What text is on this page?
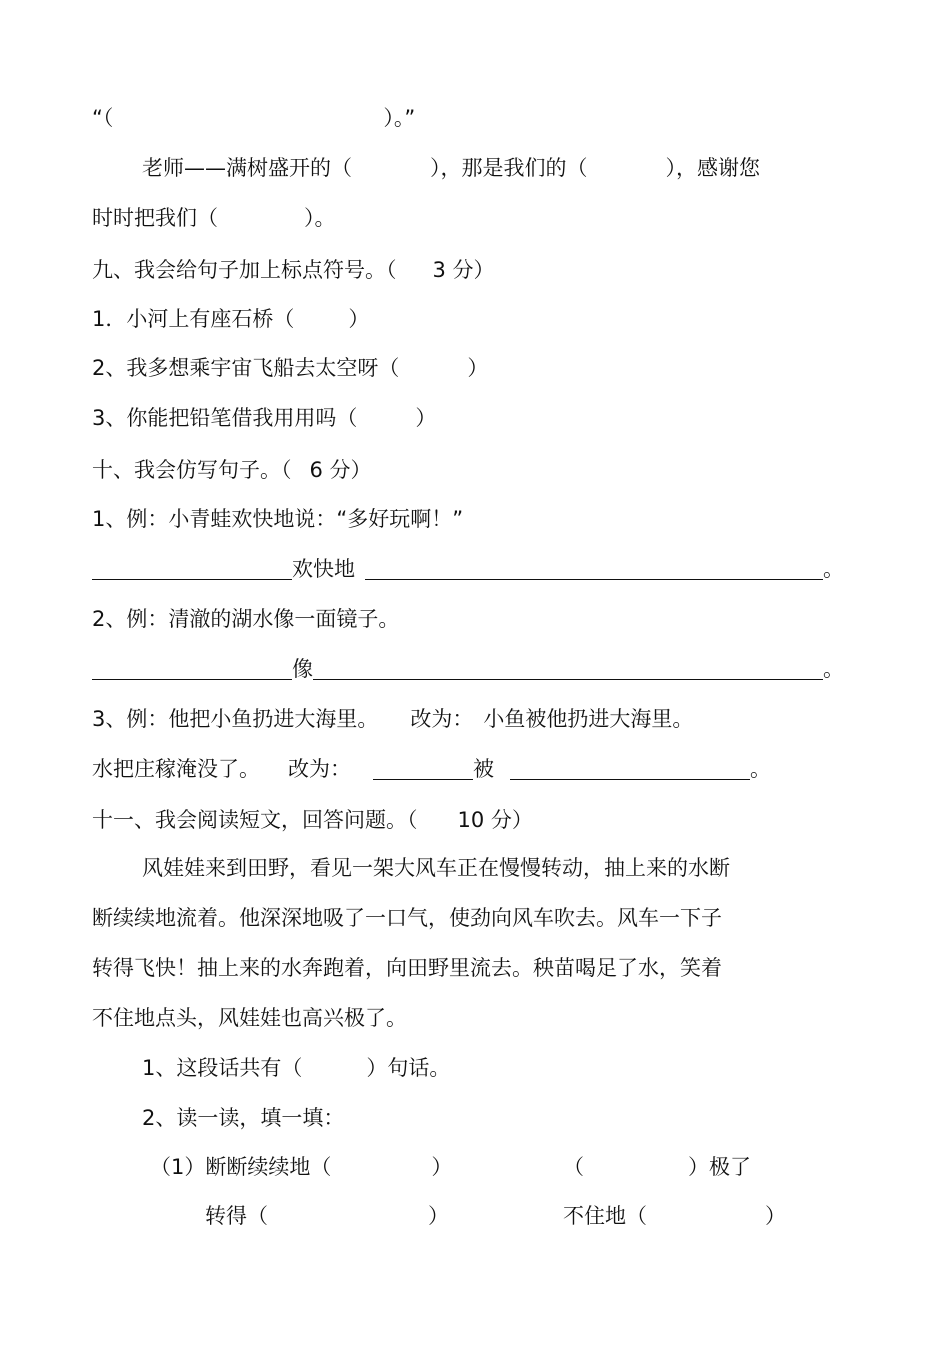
“（	）。”
老师——满树盛开的（	），那是我们的（	），感谢您
时时把我们（	）。
九、我会给句子加上标点符号。（ 3 分）
1．小河上有座石桥（	）
2、我多想乘宇宙飞船去太空呀（	）
3、你能把铅笔借我用用吗（	）
十、我会仿写句子。（ 6 分）
1、例：小青蛙欢快地说：“多好玩啊！”
欢快地	。
2、例：清澈的湖水像一面镜子。
像	。
3、例：他把小鱼扔进大海里。 改为： 小鱼被他扔进大海里。
水把庄稼淹没了。 改为：	被	。
十一、我会阅读短文，回答问题。（ 10 分）
风娃娃来到田野，看见一架大风车正在慢慢转动，抽上来的水断
断续续地流着。他深深地吸了一口气，使劲向风车吹去。风车一下子
转得飞快！抽上来的水奔跑着，向田野里流去。秧苗喝足了水，笑着
不住地点头，风娃娃也高兴极了。
1、这段话共有（	）句话。
2、读一读，填一填：
（1）断断续续地（	）	（	）极了
转得（	）	不住地（	）
